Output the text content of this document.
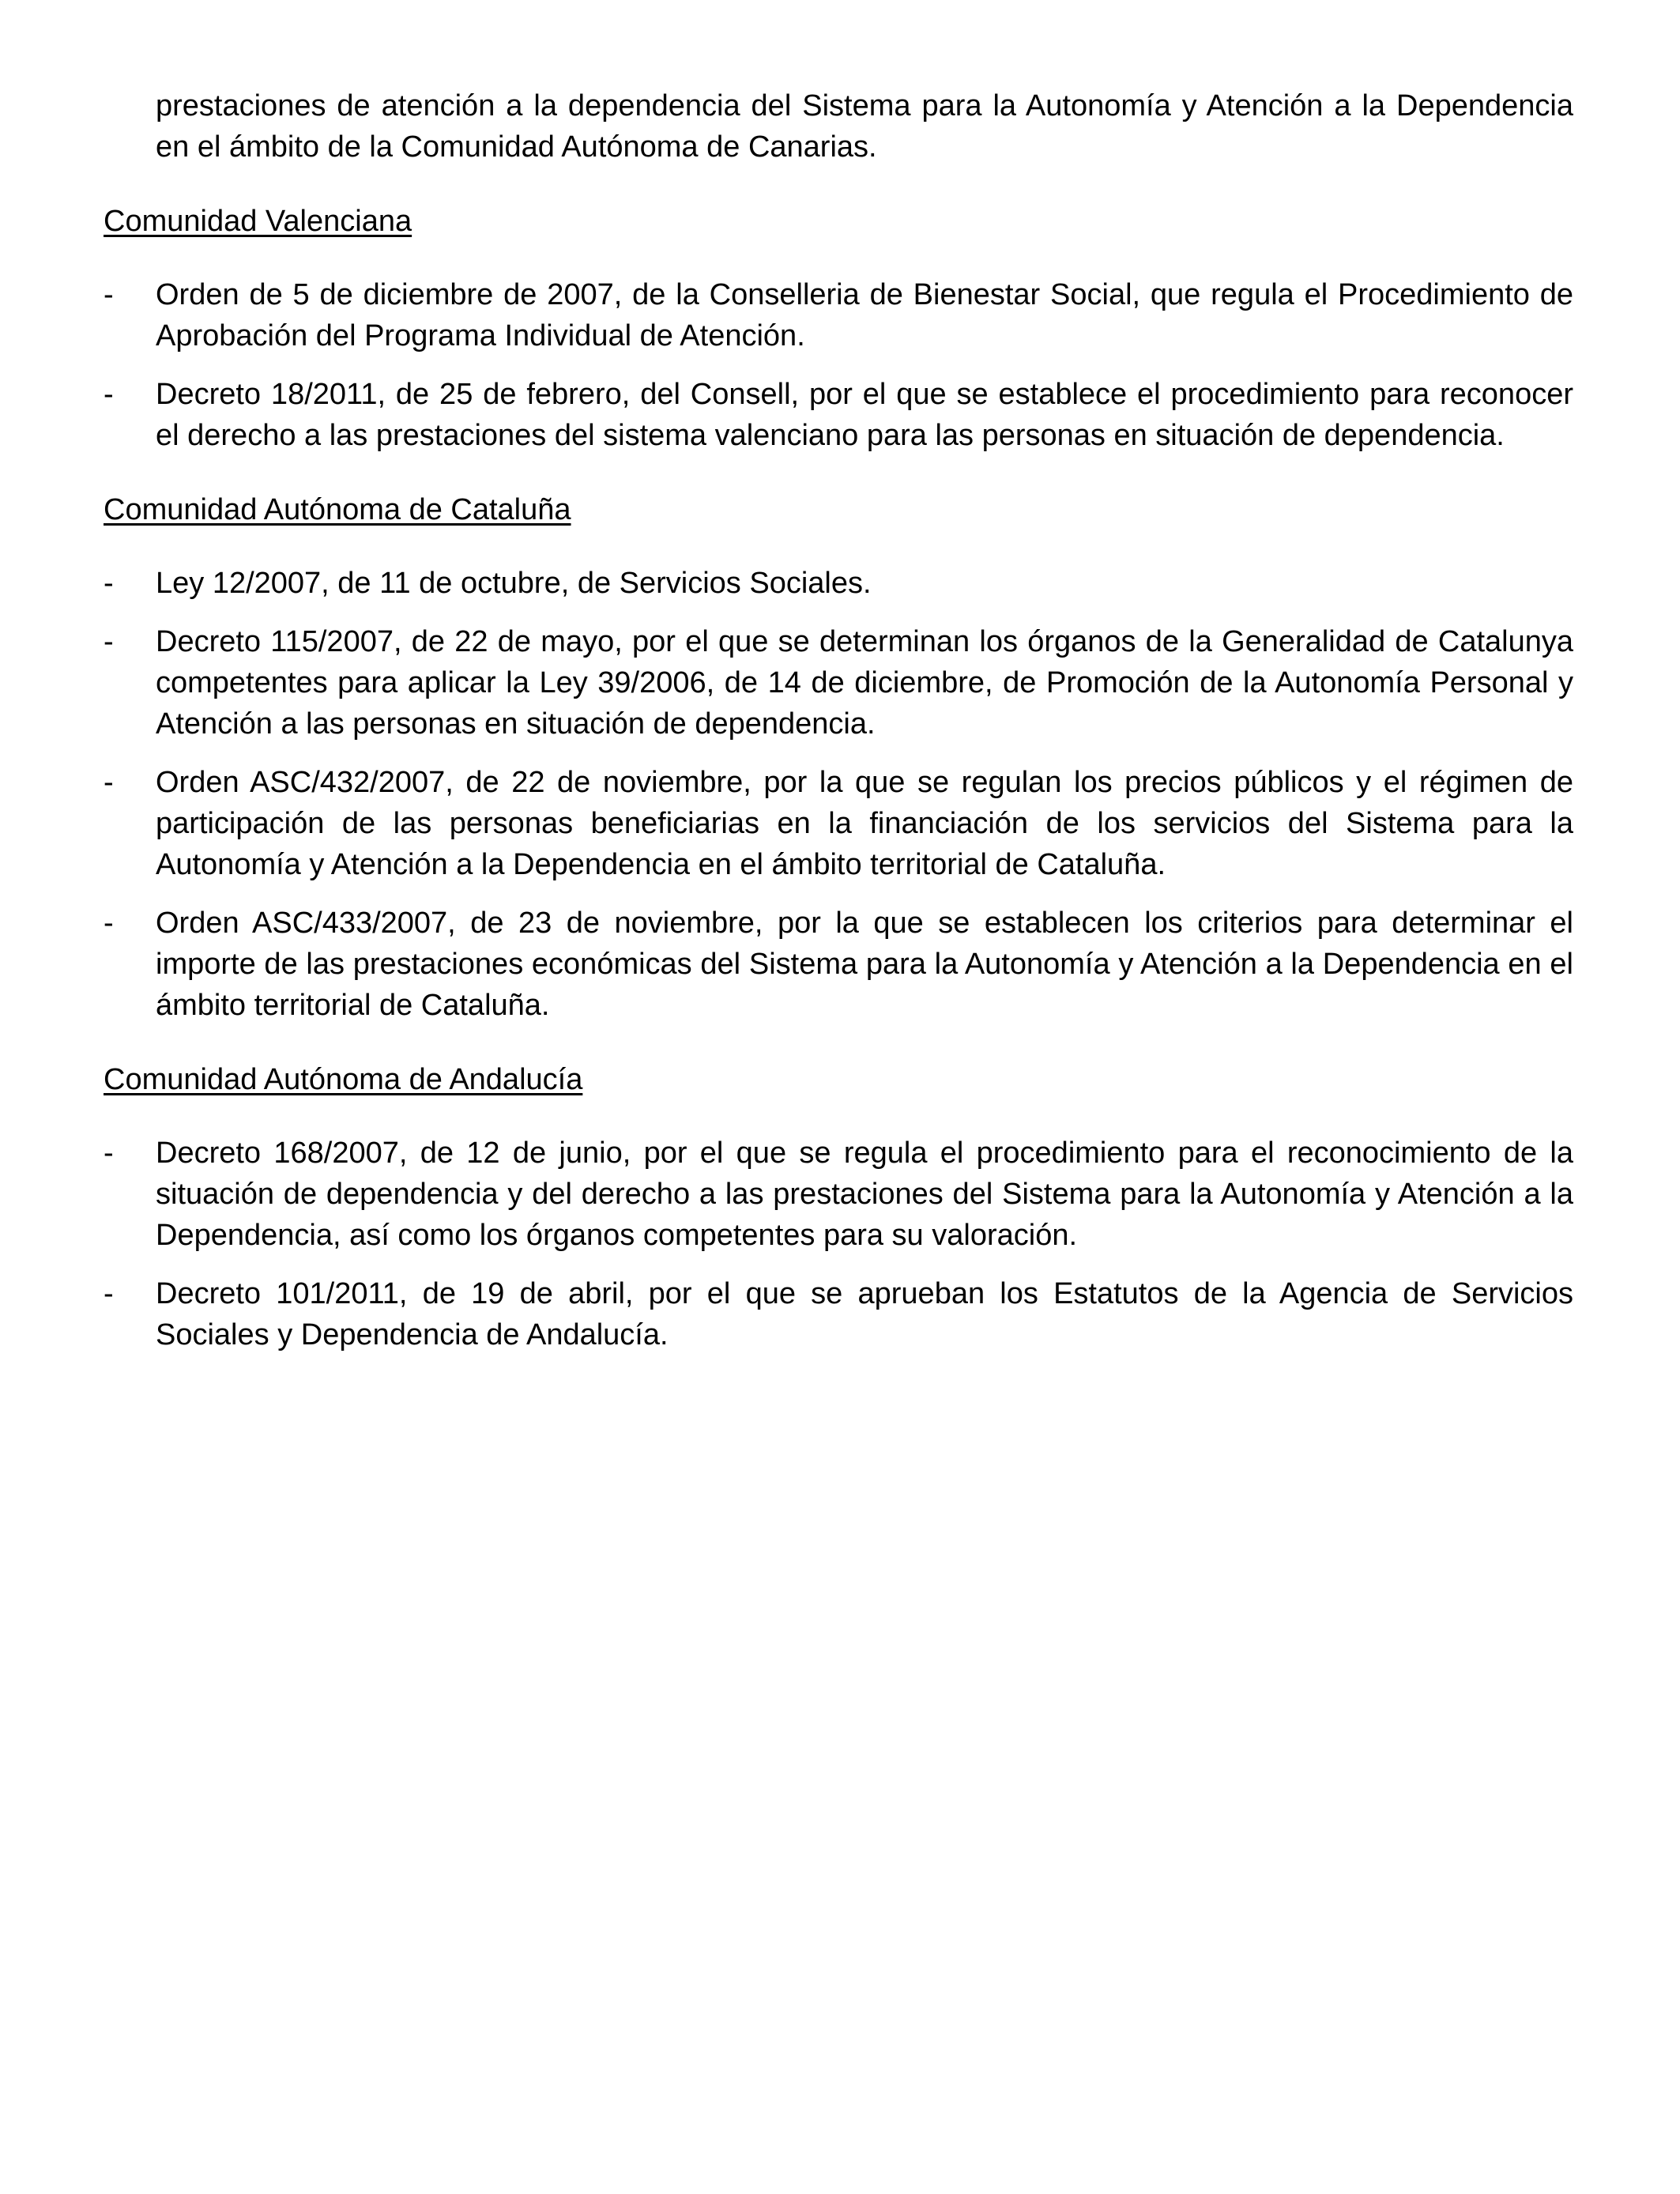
prestaciones de atención a la dependencia del Sistema para la Autonomía y Atención a la Dependencia en el ámbito de la Comunidad Autónoma de Canarias.

Comunidad Valenciana

-	Orden de 5 de diciembre de 2007, de la Conselleria de Bienestar Social, que regula el Procedimiento de Aprobación del Programa Individual de Atención.
-	Decreto 18/2011, de 25 de febrero, del Consell, por el que se establece el procedimiento para reconocer el derecho a las prestaciones del sistema valenciano para las personas en situación de dependencia.

Comunidad Autónoma de Cataluña

-	Ley 12/2007, de 11 de octubre, de Servicios Sociales.
-	Decreto 115/2007, de 22 de mayo, por el que se determinan los órganos de la Generalidad de Catalunya competentes para aplicar la Ley 39/2006, de 14 de diciembre, de Promoción de la Autonomía Personal y Atención a las personas en situación de dependencia.
-	Orden ASC/432/2007, de 22 de noviembre, por la que se regulan los precios públicos y el régimen de participación de las personas beneficiarias en la financiación de los servicios del Sistema para la Autonomía y Atención a la Dependencia en el ámbito territorial de Cataluña.
-	Orden ASC/433/2007, de 23 de noviembre, por la que se establecen los criterios para determinar el importe de las prestaciones económicas del Sistema para la Autonomía y Atención a la Dependencia en el ámbito territorial de Cataluña.

Comunidad Autónoma de Andalucía

-	Decreto 168/2007, de 12 de junio, por el que se regula el procedimiento para el reconocimiento de la situación de dependencia y del derecho a las prestaciones del Sistema para la Autonomía y Atención a la Dependencia, así como los órganos competentes para su valoración.
-	Decreto 101/2011, de 19 de abril, por el que se aprueban los Estatutos de la Agencia de Servicios Sociales y Dependencia de Andalucía.
